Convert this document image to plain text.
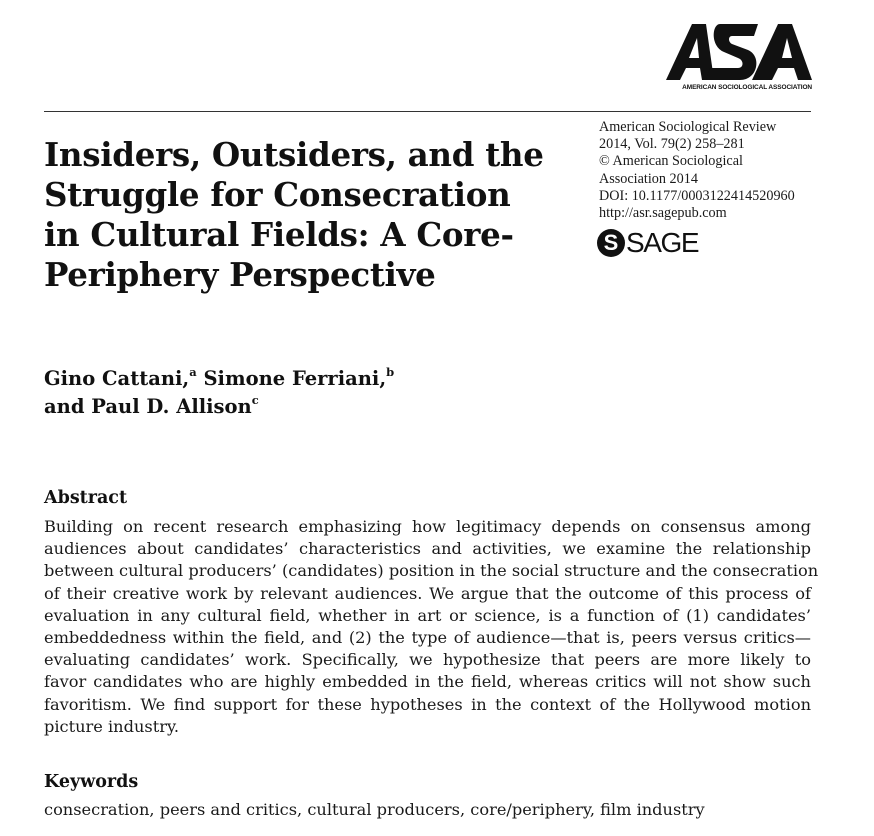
AMERICAN SOCIOLOGICAL ASSOCIATION
Insiders, Outsiders, and the
Struggle for Consecration
in Cultural Fields: A Core-
Periphery Perspective
American Sociological Review
2014, Vol. 79(2) 258–281
© American Sociological
Association 2014
DOI: 10.1177/0003122414520960
http://asr.sagepub.com
S SAGE
Gino Cattani,$^a$ Simone Ferriani,$^b$
and Paul D. Allison$^c$
Abstract
Building on recent research emphasizing how legitimacy depends on consensus among
audiences about candidates’ characteristics and activities, we examine the relationship
between cultural producers’ (candidates) position in the social structure and the consecration
of their creative work by relevant audiences. We argue that the outcome of this process of
evaluation in any cultural field, whether in art or science, is a function of (1) candidates’
embeddedness within the field, and (2) the type of audience—that is, peers versus critics—
evaluating candidates’ work. Specifically, we hypothesize that peers are more likely to
favor candidates who are highly embedded in the field, whereas critics will not show such
favoritism. We find support for these hypotheses in the context of the Hollywood motion
picture industry.
Keywords
consecration, peers and critics, cultural producers, core/periphery, film industry
